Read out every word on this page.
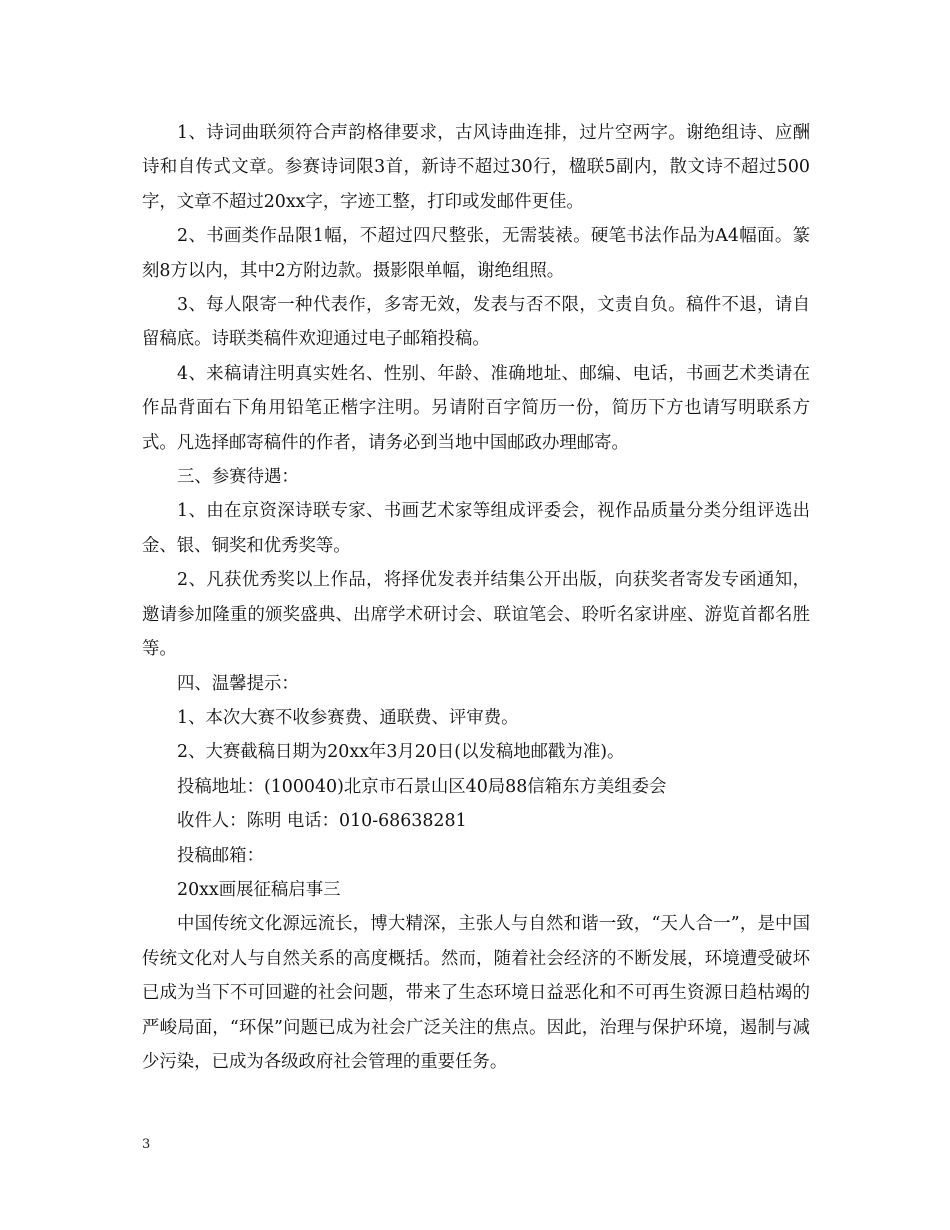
1、诗词曲联须符合声韵格律要求，古风诗曲连排，过片空两字。谢绝组诗、应酬诗和自传式文章。参赛诗词限3首，新诗不超过30行，楹联5副内，散文诗不超过500字，文章不超过20xx字，字迹工整，打印或发邮件更佳。

2、书画类作品限1幅，不超过四尺整张，无需装裱。硬笔书法作品为A4幅面。篆刻8方以内，其中2方附边款。摄影限单幅，谢绝组照。

3、每人限寄一种代表作，多寄无效，发表与否不限，文责自负。稿件不退，请自留稿底。诗联类稿件欢迎通过电子邮箱投稿。

4、来稿请注明真实姓名、性别、年龄、准确地址、邮编、电话，书画艺术类请在作品背面右下角用铅笔正楷字注明。另请附百字简历一份，简历下方也请写明联系方式。凡选择邮寄稿件的作者，请务必到当地中国邮政办理邮寄。

三、参赛待遇：

1、由在京资深诗联专家、书画艺术家等组成评委会，视作品质量分类分组评选出金、银、铜奖和优秀奖等。

2、凡获优秀奖以上作品，将择优发表并结集公开出版，向获奖者寄发专函通知，邀请参加隆重的颁奖盛典、出席学术研讨会、联谊笔会、聆听名家讲座、游览首都名胜等。

四、温馨提示：

1、本次大赛不收参赛费、通联费、评审费。

2、大赛截稿日期为20xx年3月20日(以发稿地邮戳为准)。

投稿地址：(100040)北京市石景山区40局88信箱东方美组委会

收件人：陈明 电话：010-68638281

投稿邮箱：

20xx画展征稿启事三

中国传统文化源远流长，博大精深，主张人与自然和谐一致，“天人合一”，是中国传统文化对人与自然关系的高度概括。然而，随着社会经济的不断发展，环境遭受破坏已成为当下不可回避的社会问题，带来了生态环境日益恶化和不可再生资源日趋枯竭的严峻局面，“环保”问题已成为社会广泛关注的焦点。因此，治理与保护环境，遏制与减少污染，已成为各级政府社会管理的重要任务。

3
